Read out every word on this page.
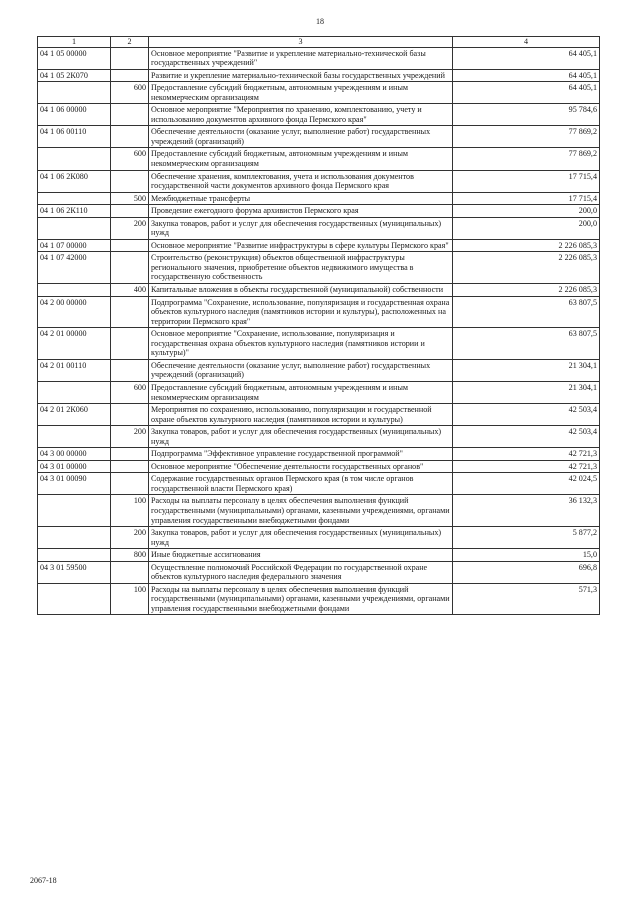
18
1	2	3	4
04 1 05 00000		Основное мероприятие "Развитие и укрепление материально-технической базы государственных учреждений"	64 405,1
04 1 05 2К070		Развитие и укрепление материально-технической базы государственных учреждений	64 405,1
	600	Предоставление субсидий бюджетным, автономным учреждениям и иным некоммерческим организациям	64 405,1
04 1 06 00000		Основное мероприятие "Мероприятия по хранению, комплектованию, учету и использованию документов архивного фонда Пермского края"	95 784,6
04 1 06 00110		Обеспечение деятельности (оказание услуг, выполнение работ) государственных учреждений (организаций)	77 869,2
	600	Предоставление субсидий бюджетным, автономным учреждениям и иным некоммерческим организациям	77 869,2
04 1 06 2К080		Обеспечение хранения, комплектования, учета и использования документов государственной части документов архивного фонда Пермского края	17 715,4
	500	Межбюджетные трансферты	17 715,4
04 1 06 2К110		Проведение ежегодного форума архивистов Пермского края	200,0
	200	Закупка товаров, работ и услуг для обеспечения государственных (муниципальных) нужд	200,0
04 1 07 00000		Основное мероприятие "Развитие инфраструктуры в сфере культуры Пермского края"	2 226 085,3
04 1 07 42000		Строительство (реконструкция) объектов общественной инфраструктуры регионального значения, приобретение объектов недвижимого имущества в государственную собственность	2 226 085,3
	400	Капитальные вложения в объекты государственной (муниципальной) собственности	2 226 085,3
04 2 00 00000		Подпрограмма "Сохранение, использование, популяризация и государственная охрана объектов культурного наследия (памятников истории и культуры), расположенных на территории Пермского края"	63 807,5
04 2 01 00000		Основное мероприятие "Сохранение, использование, популяризация и государственная охрана объектов культурного наследия (памятников истории и культуры)"	63 807,5
04 2 01 00110		Обеспечение деятельности (оказание услуг, выполнение работ) государственных учреждений (организаций)	21 304,1
	600	Предоставление субсидий бюджетным, автономным учреждениям и иным некоммерческим организациям	21 304,1
04 2 01 2К060		Мероприятия по сохранению, использованию, популяризации и государственной охране объектов культурного наследия (памятников истории и культуры)	42 503,4
	200	Закупка товаров, работ и услуг для обеспечения государственных (муниципальных) нужд	42 503,4
04 3 00 00000		Подпрограмма "Эффективное управление государственной программой"	42 721,3
04 3 01 00000		Основное мероприятие "Обеспечение деятельности государственных органов"	42 721,3
04 3 01 00090		Содержание государственных органов Пермского края (в том числе органов государственной власти Пермского края)	42 024,5
	100	Расходы на выплаты персоналу в целях обеспечения выполнения функций государственными (муниципальными) органами, казенными учреждениями, органами управления государственными внебюджетными фондами	36 132,3
	200	Закупка товаров, работ и услуг для обеспечения государственных (муниципальных) нужд	5 877,2
	800	Иные бюджетные ассигнования	15,0
04 3 01 59500		Осуществление полномочий Российской Федерации по государственной охране объектов культурного наследия федерального значения	696,8
	100	Расходы на выплаты персоналу в целях обеспечения выполнения функций государственными (муниципальными) органами, казенными учреждениями, органами управления государственными внебюджетными фондами	571,3
2067-18
